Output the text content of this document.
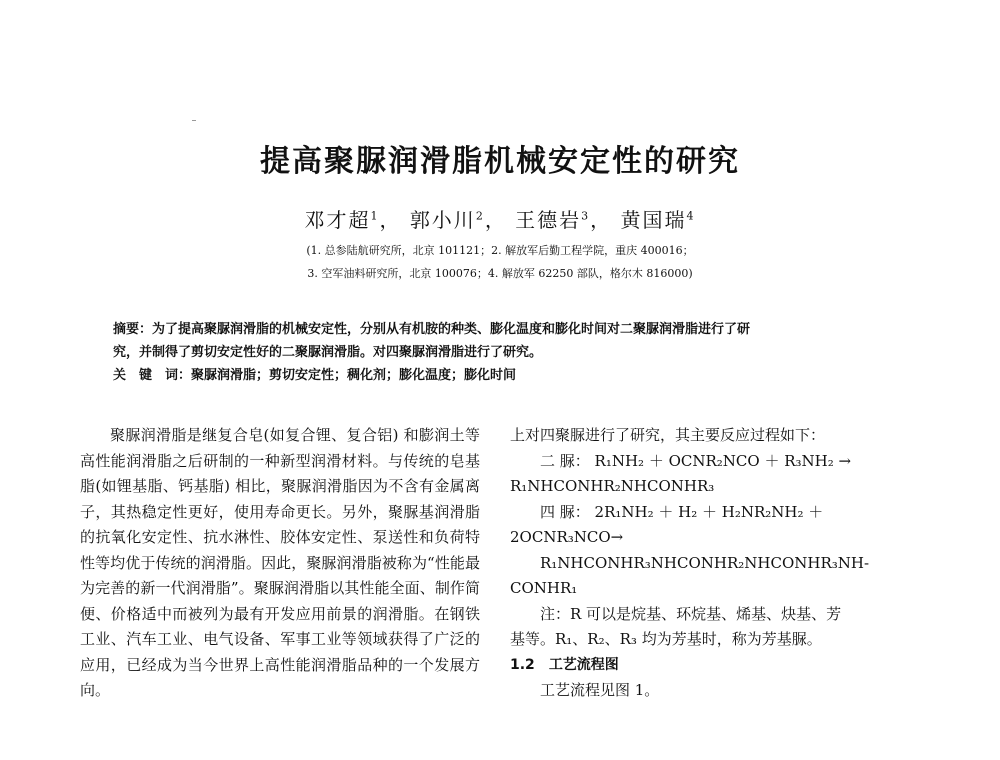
提高聚脲润滑脂机械安定性的研究
邓才超$^1$， 郭小川$^2$， 王德岩$^3$， 黄国瑞$^4$
(1. 总参陆航研究所，北京 101121；2. 解放军后勤工程学院，重庆 400016；
3. 空军油料研究所，北京 100076；4. 解放军 62250 部队，格尔木 816000)

摘要：为了提高聚脲润滑脂的机械安定性，分别从有机胺的种类、膨化温度和膨化时间对二聚脲润滑脂进行了研

究，并制得了剪切安定性好的二聚脲润滑脂。对四聚脲润滑脂进行了研究。

关　键　词：聚脲润滑脂；剪切安定性；稠化剂；膨化温度；膨化时间

聚脲润滑脂是继复合皂(如复合锂、复合铝) 和膨润土等高性能润滑脂之后研制的一种新型润滑材料。与传统的皂基脂(如锂基脂、钙基脂) 相比，聚脲润滑脂因为不含有金属离子，其热稳定性更好，使用寿命更长。另外，聚脲基润滑脂的抗氧化安定性、抗水淋性、胶体安定性、泵送性和负荷特性等均优于传统的润滑脂。因此，聚脲润滑脂被称为“性能最为完善的新一代润滑脂”。聚脲润滑脂以其性能全面、制作简便、价格适中而被列为最有开发应用前景的润滑脂。在钢铁工业、汽车工业、电气设备、军事工业等领域获得了广泛的应用，已经成为当今世界上高性能润滑脂品种的一个发展方向。

上对四聚脲进行了研究，其主要反应过程如下：

二 脲： R₁NH₂ ＋ OCNR₂NCO ＋ R₃NH₂ →

R₁NHCONHR₂NHCONHR₃

四 脲： 2R₁NH₂ ＋ H₂ ＋ H₂NR₂NH₂ ＋

2OCNR₃NCO→

R₁NHCONHR₃NHCONHR₂NHCONHR₃NH-

CONHR₁

注：R 可以是烷基、环烷基、烯基、炔基、芳

基等。R₁、R₂、R₃ 均为芳基时，称为芳基脲。

1.2 工艺流程图

工艺流程见图 1。
